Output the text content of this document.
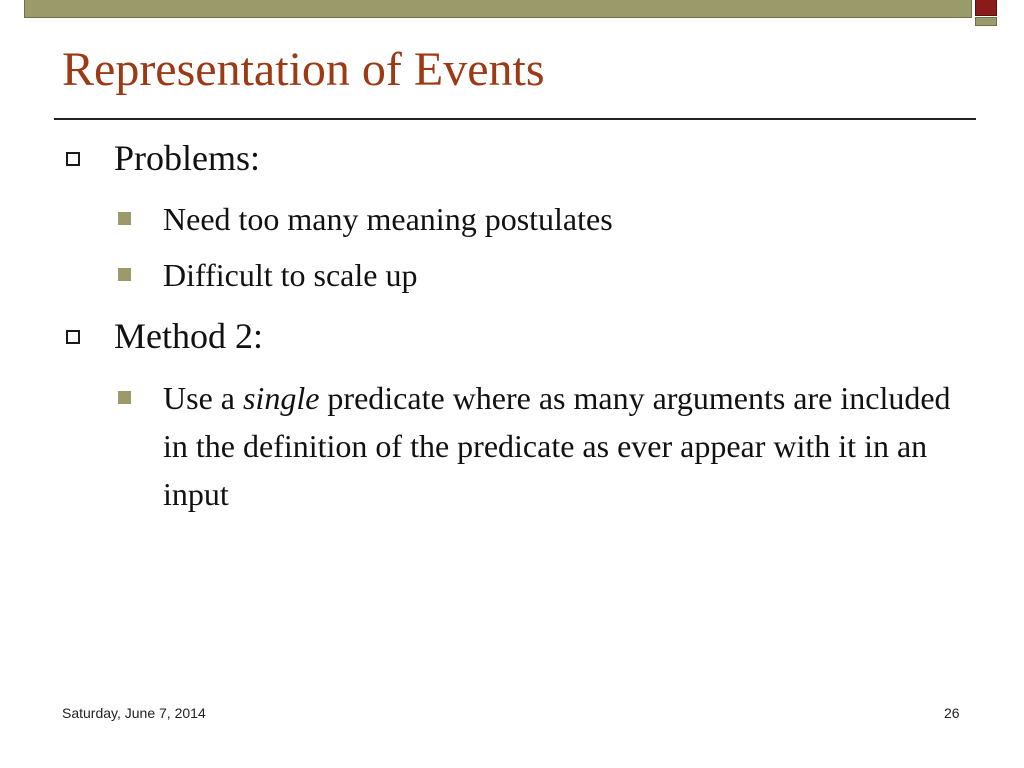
Representation of Events
Problems:
Need too many meaning postulates
Difficult to scale up
Method 2:
Use a single predicate where as many arguments are included in the definition of the predicate as ever appear with it in an input
Saturday, June 7, 2014	26
